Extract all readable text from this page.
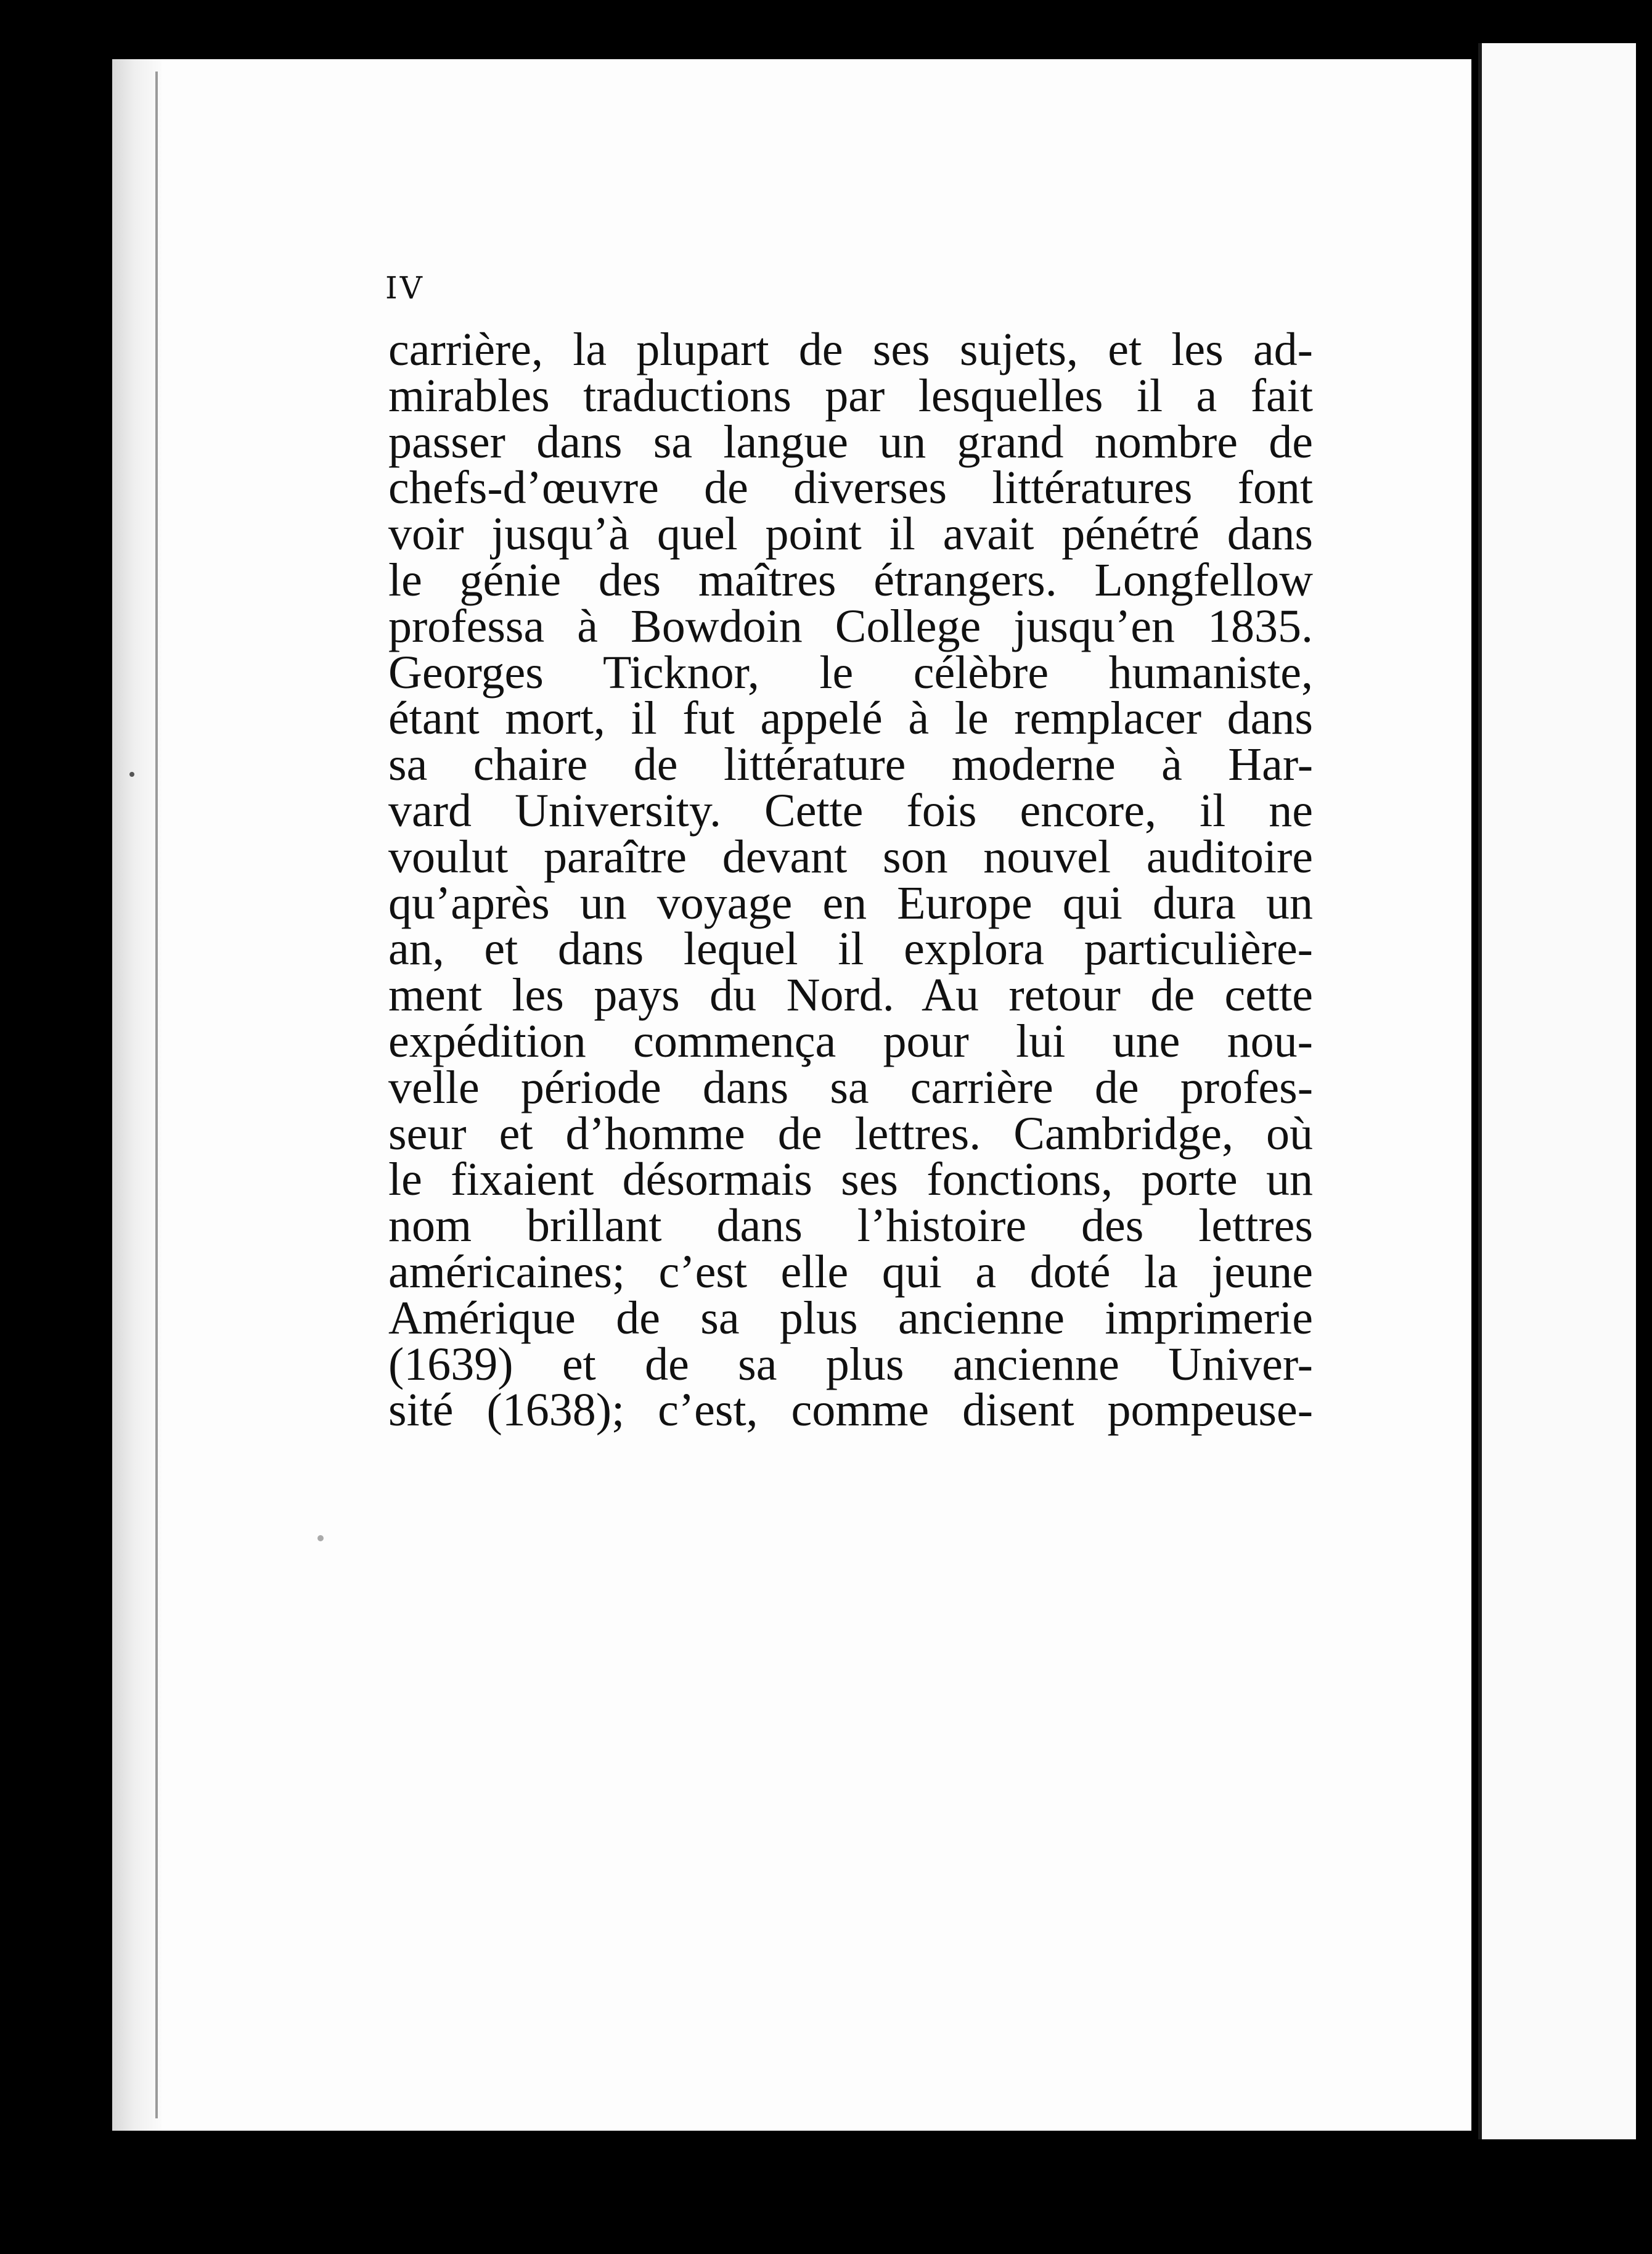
IV
carrière, la plupart de ses sujets, et les ad-
mirables traductions par lesquelles il a fait
passer dans sa langue un grand nombre de
chefs-d’œuvre de diverses littératures font
voir jusqu’à quel point il avait pénétré dans
le génie des maîtres étrangers. Longfellow
professa à Bowdoin College jusqu’en 1835.
Georges Ticknor, le célèbre humaniste,
étant mort, il fut appelé à le remplacer dans
sa chaire de littérature moderne à Har-
vard University. Cette fois encore, il ne
voulut paraître devant son nouvel auditoire
qu’après un voyage en Europe qui dura un
an, et dans lequel il explora particulière-
ment les pays du Nord. Au retour de cette
expédition commença pour lui une nou-
velle période dans sa carrière de profes-
seur et d’homme de lettres. Cambridge, où
le fixaient désormais ses fonctions, porte un
nom brillant dans l’histoire des lettres
américaines; c’est elle qui a doté la jeune
Amérique de sa plus ancienne imprimerie
(1639) et de sa plus ancienne Univer-
sité (1638); c’est, comme disent pompeuse-
